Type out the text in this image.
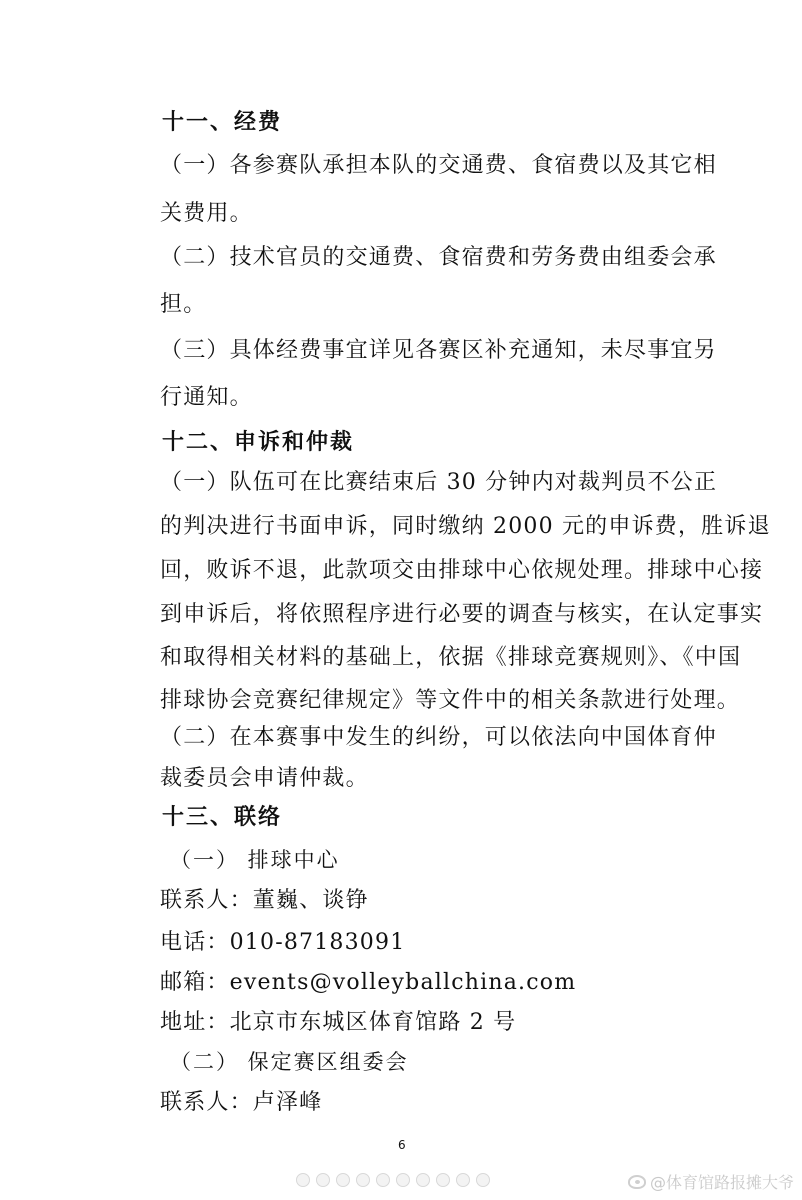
十一、经费
（一）各参赛队承担本队的交通费、食宿费以及其它相
关费用。
（二）技术官员的交通费、食宿费和劳务费由组委会承
担。
（三）具体经费事宜详见各赛区补充通知，未尽事宜另
行通知。
十二、申诉和仲裁
（一）队伍可在比赛结束后 30 分钟内对裁判员不公正
的判决进行书面申诉，同时缴纳 2000 元的申诉费，胜诉退
回，败诉不退，此款项交由排球中心依规处理。排球中心接
到申诉后，将依照程序进行必要的调查与核实，在认定事实
和取得相关材料的基础上，依据《排球竞赛规则》、《中国
排球协会竞赛纪律规定》等文件中的相关条款进行处理。
（二）在本赛事中发生的纠纷，可以依法向中国体育仲
裁委员会申请仲裁。
十三、联络
（一） 排球中心
联系人：董巍、谈铮
电话：010-87183091
邮箱：events@volleyballchina.com
地址：北京市东城区体育馆路 2 号
（二） 保定赛区组委会
联系人：卢泽峰
6
@体育馆路报摊大爷
